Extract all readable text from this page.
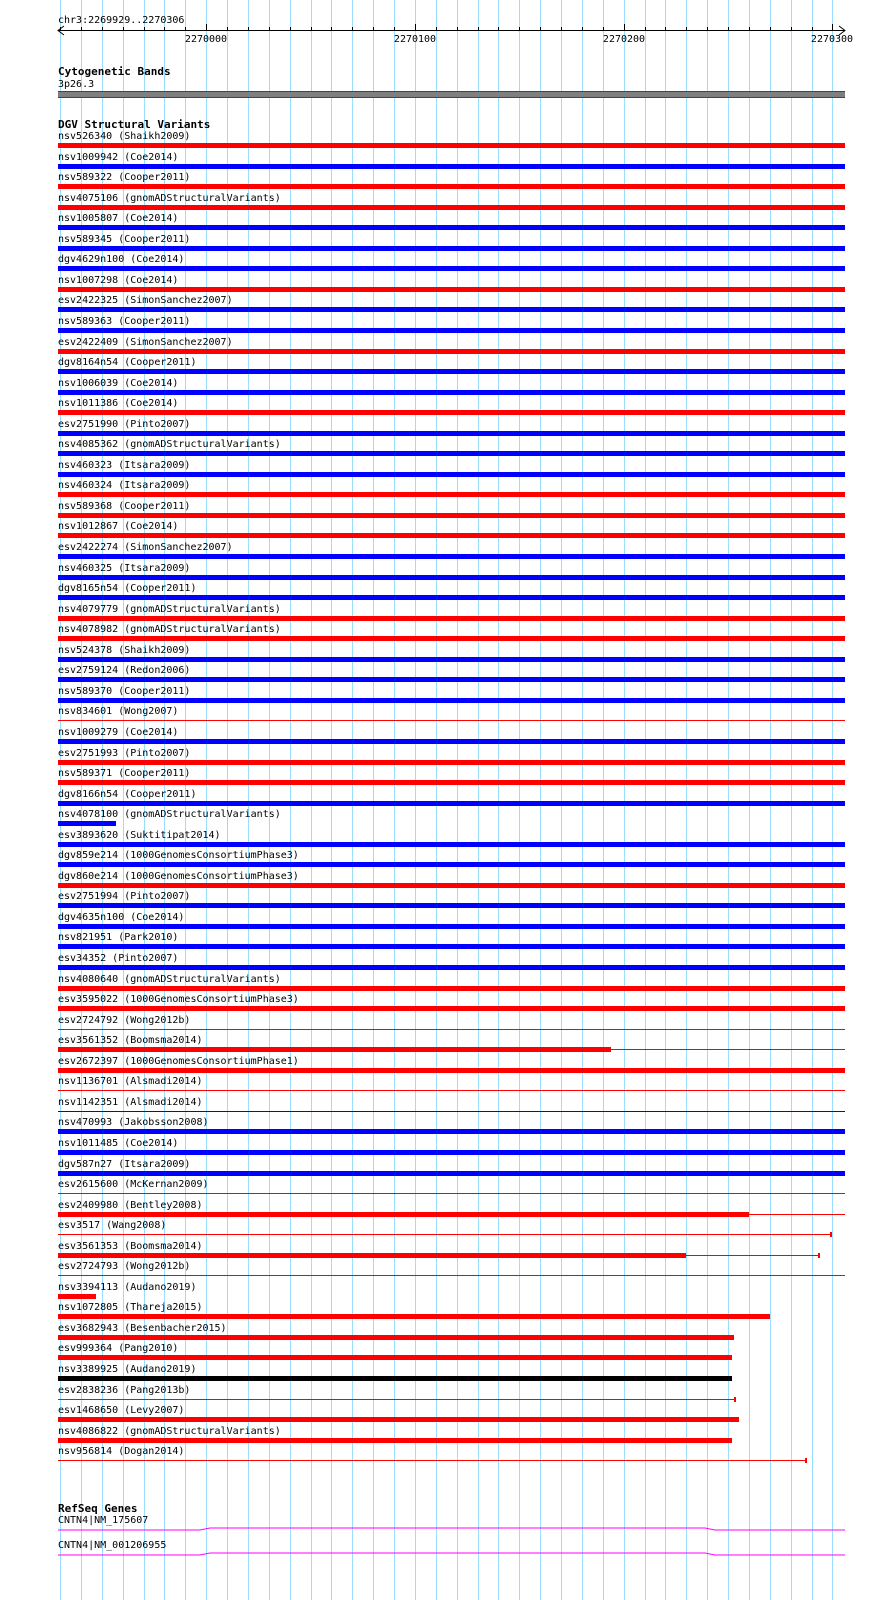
chr3:2269929..2270306
2270000	2270100	2270200	2270300
Cytogenetic Bands
3p26.3
DGV Structural Variants
nsv526340 (Shaikh2009)
nsv1009942 (Coe2014)
nsv589322 (Cooper2011)
nsv4075106 (gnomADStructuralVariants)
nsv1005807 (Coe2014)
nsv589345 (Cooper2011)
dgv4629n100 (Coe2014)
nsv1007298 (Coe2014)
esv2422325 (SimonSanchez2007)
nsv589363 (Cooper2011)
esv2422409 (SimonSanchez2007)
dgv8164n54 (Cooper2011)
nsv1006039 (Coe2014)
nsv1011386 (Coe2014)
esv2751990 (Pinto2007)
nsv4085362 (gnomADStructuralVariants)
nsv460323 (Itsara2009)
nsv460324 (Itsara2009)
nsv589368 (Cooper2011)
nsv1012867 (Coe2014)
esv2422274 (SimonSanchez2007)
nsv460325 (Itsara2009)
dgv8165n54 (Cooper2011)
nsv4079779 (gnomADStructuralVariants)
nsv4078982 (gnomADStructuralVariants)
nsv524378 (Shaikh2009)
esv2759124 (Redon2006)
nsv589370 (Cooper2011)
nsv834601 (Wong2007)
nsv1009279 (Coe2014)
esv2751993 (Pinto2007)
nsv589371 (Cooper2011)
dgv8166n54 (Cooper2011)
nsv4078100 (gnomADStructuralVariants)
esv3893620 (Suktitipat2014)
dgv859e214 (1000GenomesConsortiumPhase3)
dgv860e214 (1000GenomesConsortiumPhase3)
esv2751994 (Pinto2007)
dgv4635n100 (Coe2014)
nsv821951 (Park2010)
esv34352 (Pinto2007)
nsv4080640 (gnomADStructuralVariants)
esv3595022 (1000GenomesConsortiumPhase3)
esv2724792 (Wong2012b)
esv3561352 (Boomsma2014)
esv2672397 (1000GenomesConsortiumPhase1)
nsv1136701 (Alsmadi2014)
nsv1142351 (Alsmadi2014)
nsv470993 (Jakobsson2008)
nsv1011485 (Coe2014)
dgv587n27 (Itsara2009)
esv2615600 (McKernan2009)
esv2409980 (Bentley2008)
esv3517 (Wang2008)
esv3561353 (Boomsma2014)
esv2724793 (Wong2012b)
nsv3394113 (Audano2019)
nsv1072805 (Thareja2015)
esv3682943 (Besenbacher2015)
esv999364 (Pang2010)
nsv3389925 (Audano2019)
esv2838236 (Pang2013b)
esv1468650 (Levy2007)
nsv4086822 (gnomADStructuralVariants)
nsv956814 (Dogan2014)
RefSeq Genes
CNTN4|NM_175607
CNTN4|NM_001206955
